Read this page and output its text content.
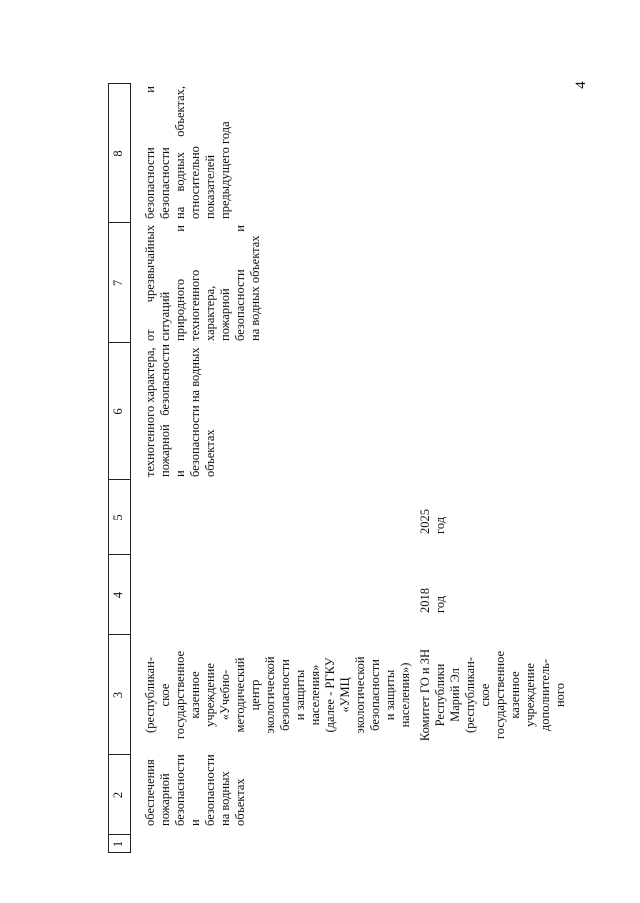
4
1
2
3
4
5
6
7
8
обеспечения пожарной безопасности и безопасности на водных объектах
(республикан- ское государственное казенное учреждение «Учебно- методический центр экологической безопасности и защиты населения» (далее - РГКУ «УМЦ экологической безопасности и защиты населения»)
техногенного характера, пожарной безопасности и безопасности на водных объектах
от чрезвычайных ситуаций природного и техногенного характера, пожарной безопасности и на водных объектах
безопасности и безопасности на водных объектах, относительно показателей предыдущего года
Комитет ГО и ЗН Республики Марий Эл (республикан- ское государственное казенное учреждение дополнитель- ного
2018 год
2025 год
